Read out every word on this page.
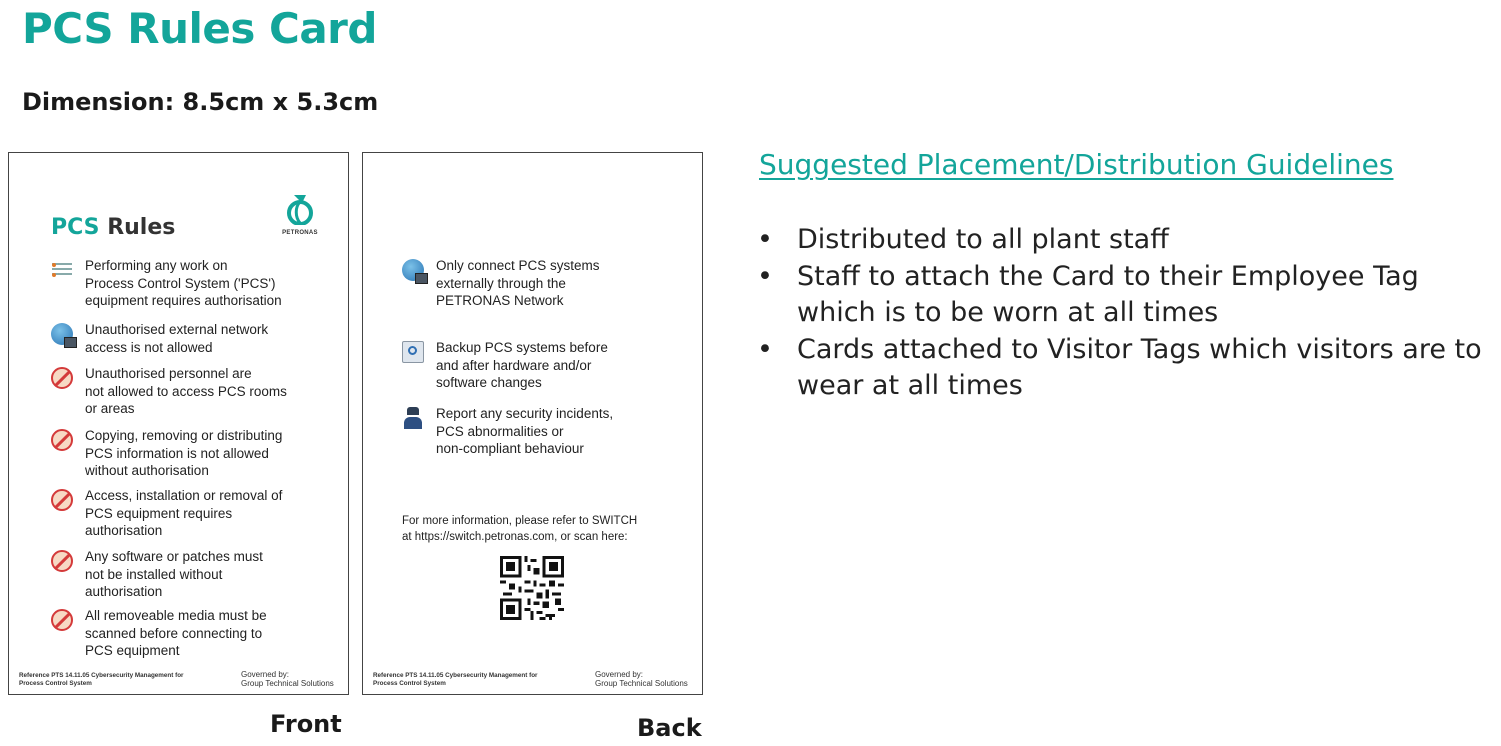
PCS Rules Card
Dimension: 8.5cm x 5.3cm
PCS Rules	PETRONAS
Performing any work on
Process Control System ('PCS')
equipment requires authorisation
Unauthorised external network
access is not allowed
Unauthorised personnel are
not allowed to access PCS rooms
or areas
Copying, removing or distributing
PCS information is not allowed
without authorisation
Access, installation or removal of
PCS equipment requires
authorisation
Any software or patches must
not be installed without
authorisation
All removeable media must be
scanned before connecting to
PCS equipment
Reference PTS 14.11.05 Cybersecurity Management for Process Control System
Governed by:
Group Technical Solutions
Only connect PCS systems
externally through the
PETRONAS Network
Backup PCS systems before
and after hardware and/or
software changes
Report any security incidents,
PCS abnormalities or
non-compliant behaviour
For more information, please refer to SWITCH
at https://switch.petronas.com, or scan here:
Reference PTS 14.11.05 Cybersecurity Management for Process Control System
Governed by:
Group Technical Solutions
Front	Back
Suggested Placement/Distribution Guidelines
• Distributed to all plant staff
• Staff to attach the Card to their Employee Tag which is to be worn at all times
• Cards attached to Visitor Tags which visitors are to wear at all times
